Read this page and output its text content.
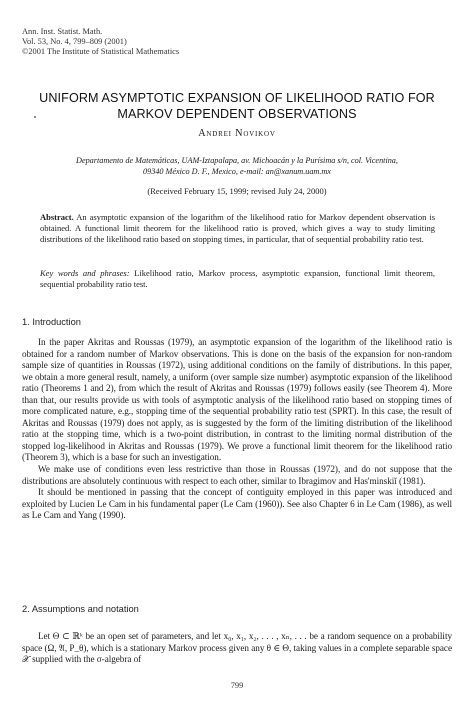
Ann. Inst. Statist. Math.
Vol. 53, No. 4, 799–809 (2001)
©2001 The Institute of Statistical Mathematics
UNIFORM ASYMPTOTIC EXPANSION OF LIKELIHOOD RATIO FOR
MARKOV DEPENDENT OBSERVATIONS
Andrei Novikov
Departamento de Matemáticas, UAM-Iztapalapa, av. Michoacán y la Purísima s/n, col. Vicentina,
09340 México D. F., Mexico, e-mail: an@xanum.uam.mx
(Received February 15, 1999; revised July 24, 2000)
Abstract. An asymptotic expansion of the logarithm of the likelihood ratio for Markov dependent observation is obtained. A functional limit theorem for the likelihood ratio is proved, which gives a way to study limiting distributions of the likelihood ratio based on stopping times, in particular, that of sequential probability ratio test.
Key words and phrases: Likelihood ratio, Markov process, asymptotic expansion, functional limit theorem, sequential probability ratio test.
1. Introduction

In the paper Akritas and Roussas (1979), an asymptotic expansion of the logarithm of the likelihood ratio is obtained for a random number of Markov observations. This is done on the basis of the expansion for non-random sample size of quantities in Roussas (1972), using additional conditions on the family of distributions. In this paper, we obtain a more general result, namely, a uniform (over sample size number) asymptotic expansion of the likelihood ratio (Theorems 1 and 2), from which the result of Akritas and Roussas (1979) follows easily (see Theorem 4). More than that, our results provide us with tools of asymptotic analysis of the likelihood ratio based on stopping times of more complicated nature, e.g., stopping time of the sequential probability ratio test (SPRT). In this case, the result of Akritas and Roussas (1979) does not apply, as is suggested by the form of the limiting distribution of the likelihood ratio at the stopping time, which is a two-point distribution, in contrast to the limiting normal distribution of the stopped log-likelihood in Akritas and Roussas (1979). We prove a functional limit theorem for the likelihood ratio (Theorem 3), which is a base for such an investigation.

We make use of conditions even less restrictive than those in Roussas (1972), and do not suppose that the distributions are absolutely continuous with respect to each other, similar to Ibragimov and Has'minskiĭ (1981).

It should be mentioned in passing that the concept of contiguity employed in this paper was introduced and exploited by Lucien Le Cam in his fundamental paper (Le Cam (1960)). See also Chapter 6 in Le Cam (1986), as well as Le Cam and Yang (1990).

2. Assumptions and notation

Let Θ ⊂ ℝᵏ be an open set of parameters, and let x₀, x₁, x₂, . . . , xₙ, . . . be a random sequence on a probability space (Ω, 𝔄, P_θ), which is a stationary Markov process given any θ ∈ Θ, taking values in a complete separable space 𝒳 supplied with the σ-algebra of

799
